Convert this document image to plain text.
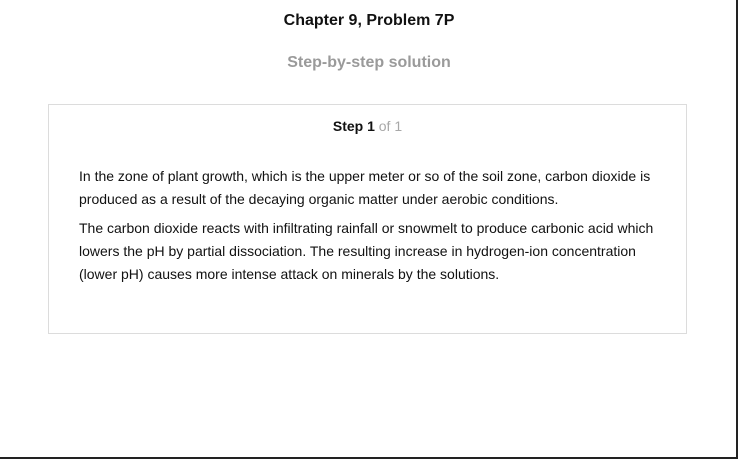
Chapter 9, Problem 7P
Step-by-step solution
Step 1 of 1

In the zone of plant growth, which is the upper meter or so of the soil zone, carbon dioxide is produced as a result of the decaying organic matter under aerobic conditions.

The carbon dioxide reacts with infiltrating rainfall or snowmelt to produce carbonic acid which lowers the pH by partial dissociation. The resulting increase in hydrogen-ion concentration (lower pH) causes more intense attack on minerals by the solutions.
